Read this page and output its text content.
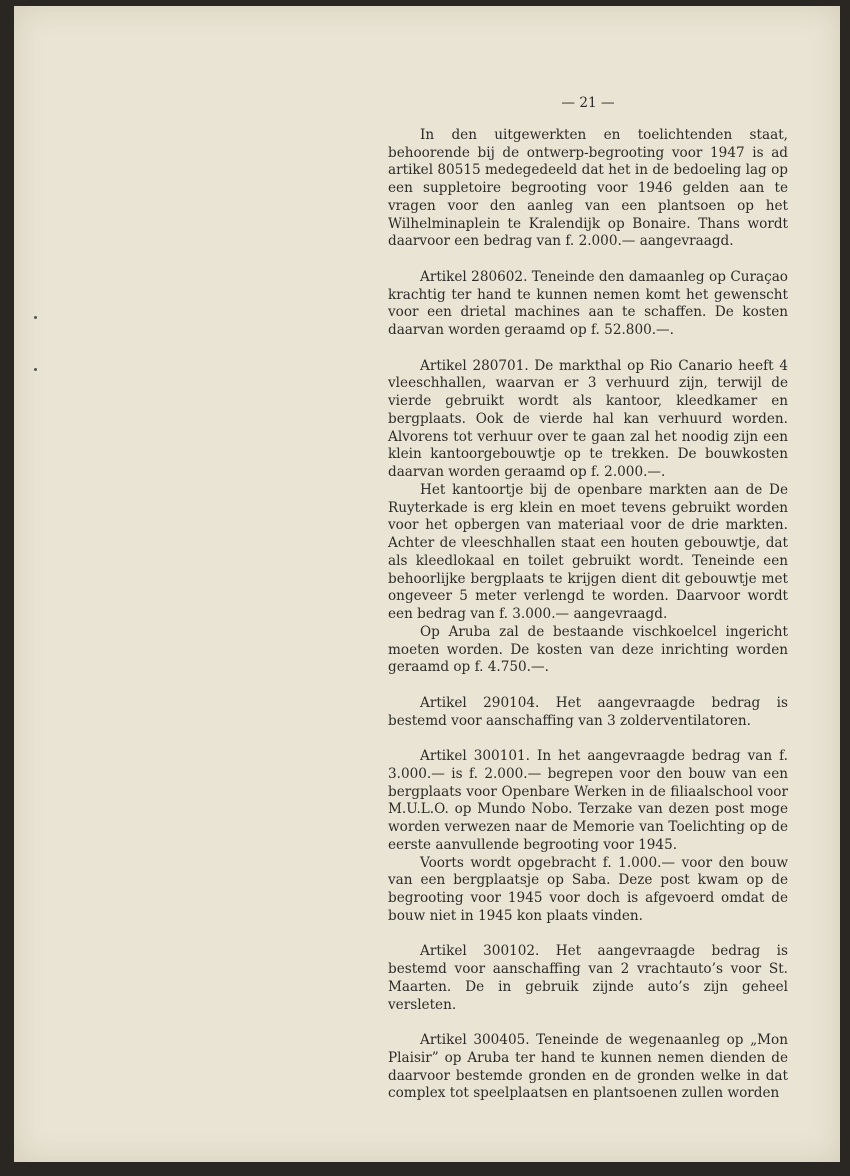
— 21 —

In den uitgewerkten en toelichtenden staat, behoorende bij de ontwerp-begrooting voor 1947 is ad artikel 80515 medegedeeld dat het in de bedoeling lag op een suppletoire begrooting voor 1946 gelden aan te vragen voor den aanleg van een plantsoen op het Wilhelminaplein te Kralendijk op Bonaire. Thans wordt daarvoor een bedrag van f. 2.000.— aangevraagd.

Artikel 280602. Teneinde den damaanleg op Curaçao krachtig ter hand te kunnen nemen komt het gewenscht voor een drietal machines aan te schaffen. De kosten daarvan worden geraamd op f. 52.800.—.

Artikel 280701. De markthal op Rio Canario heeft 4 vleeschhallen, waarvan er 3 verhuurd zijn, terwijl de vierde gebruikt wordt als kantoor, kleedkamer en bergplaats. Ook de vierde hal kan verhuurd worden. Alvorens tot verhuur over te gaan zal het noodig zijn een klein kantoorgebouwtje op te trekken. De bouwkosten daarvan worden geraamd op f. 2.000.—.

Het kantoortje bij de openbare markten aan de De Ruyterkade is erg klein en moet tevens gebruikt worden voor het opbergen van materiaal voor de drie markten. Achter de vleeschhallen staat een houten gebouwtje, dat als kleedlokaal en toilet gebruikt wordt. Teneinde een behoorlijke bergplaats te krijgen dient dit gebouwtje met ongeveer 5 meter verlengd te worden. Daarvoor wordt een bedrag van f. 3.000.— aangevraagd.

Op Aruba zal de bestaande vischkoelcel ingericht moeten worden. De kosten van deze inrichting worden geraamd op f. 4.750.—.

Artikel 290104. Het aangevraagde bedrag is bestemd voor aanschaffing van 3 zolderventilatoren.

Artikel 300101. In het aangevraagde bedrag van f. 3.000.— is f. 2.000.— begrepen voor den bouw van een bergplaats voor Openbare Werken in de filiaalschool voor M.U.L.O. op Mundo Nobo. Terzake van dezen post moge worden verwezen naar de Memorie van Toelichting op de eerste aanvullende begrooting voor 1945.

Voorts wordt opgebracht f. 1.000.— voor den bouw van een bergplaatsje op Saba. Deze post kwam op de begrooting voor 1945 voor doch is afgevoerd omdat de bouw niet in 1945 kon plaats vinden.

Artikel 300102. Het aangevraagde bedrag is bestemd voor aanschaffing van 2 vrachtauto’s voor St. Maarten. De in gebruik zijnde auto’s zijn geheel versleten.

Artikel 300405. Teneinde de wegenaanleg op „Mon Plaisir” op Aruba ter hand te kunnen nemen dienden de daarvoor bestemde gronden en de gronden welke in dat complex tot speelplaatsen en plantsoenen zullen worden
